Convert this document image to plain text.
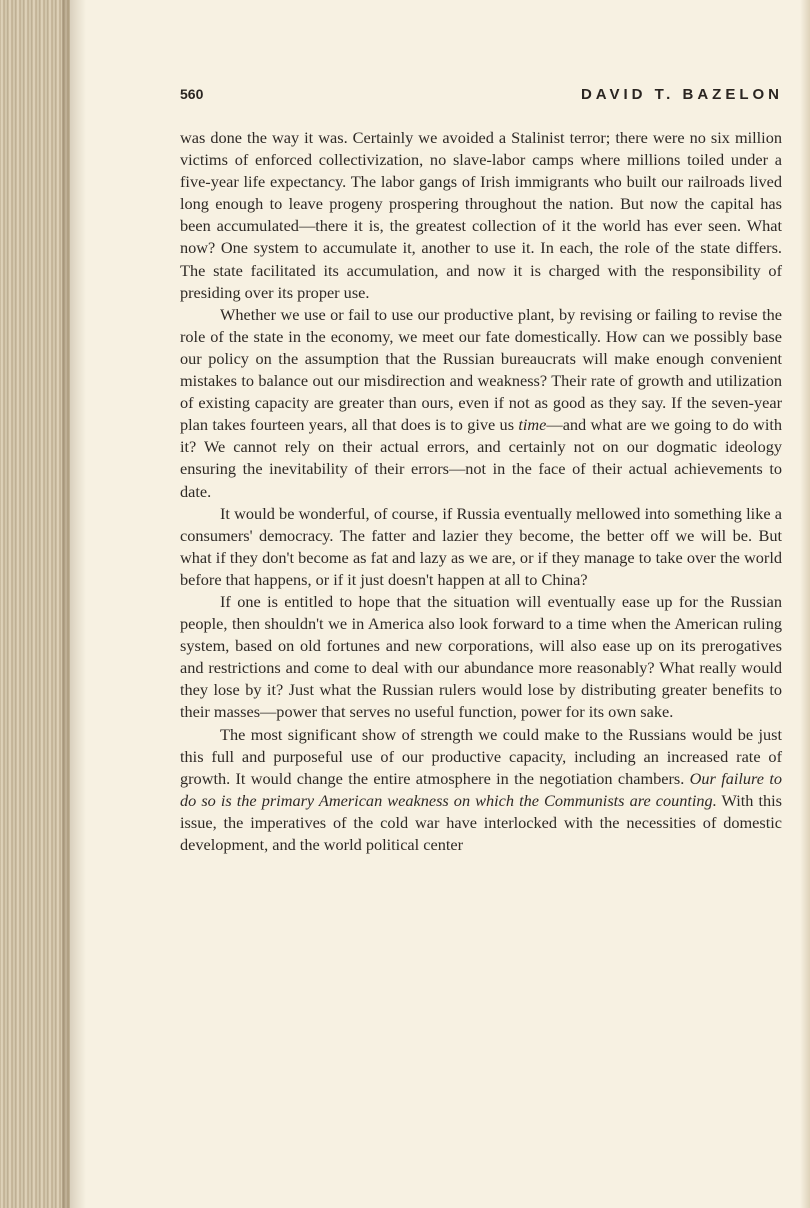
560	DAVID T. BAZELON

was done the way it was. Certainly we avoided a Stalinist terror; there were no six million victims of enforced collectivization, no slave-labor camps where millions toiled under a five-year life expectancy. The labor gangs of Irish immigrants who built our railroads lived long enough to leave progeny prospering throughout the nation. But now the capital has been accumulated—there it is, the greatest collection of it the world has ever seen. What now? One system to accumulate it, another to use it. In each, the role of the state differs. The state facilitated its accumulation, and now it is charged with the responsibility of presiding over its proper use.

Whether we use or fail to use our productive plant, by revising or failing to revise the role of the state in the economy, we meet our fate domestically. How can we possibly base our policy on the assumption that the Russian bureaucrats will make enough convenient mistakes to balance out our misdirection and weakness? Their rate of growth and utilization of existing capacity are greater than ours, even if not as good as they say. If the seven-year plan takes fourteen years, all that does is to give us time—and what are we going to do with it? We cannot rely on their actual errors, and certainly not on our dogmatic ideology ensuring the inevitability of their errors—not in the face of their actual achievements to date.

It would be wonderful, of course, if Russia eventually mellowed into something like a consumers' democracy. The fatter and lazier they become, the better off we will be. But what if they don't become as fat and lazy as we are, or if they manage to take over the world before that happens, or if it just doesn't happen at all to China?

If one is entitled to hope that the situation will eventually ease up for the Russian people, then shouldn't we in America also look forward to a time when the American ruling system, based on old fortunes and new corporations, will also ease up on its prerogatives and restrictions and come to deal with our abundance more reasonably? What really would they lose by it? Just what the Russian rulers would lose by distributing greater benefits to their masses—power that serves no useful function, power for its own sake.

The most significant show of strength we could make to the Russians would be just this full and purposeful use of our productive capacity, including an increased rate of growth. It would change the entire atmosphere in the negotiation chambers. Our failure to do so is the primary American weakness on which the Communists are counting. With this issue, the imperatives of the cold war have interlocked with the necessities of domestic development, and the world political center
